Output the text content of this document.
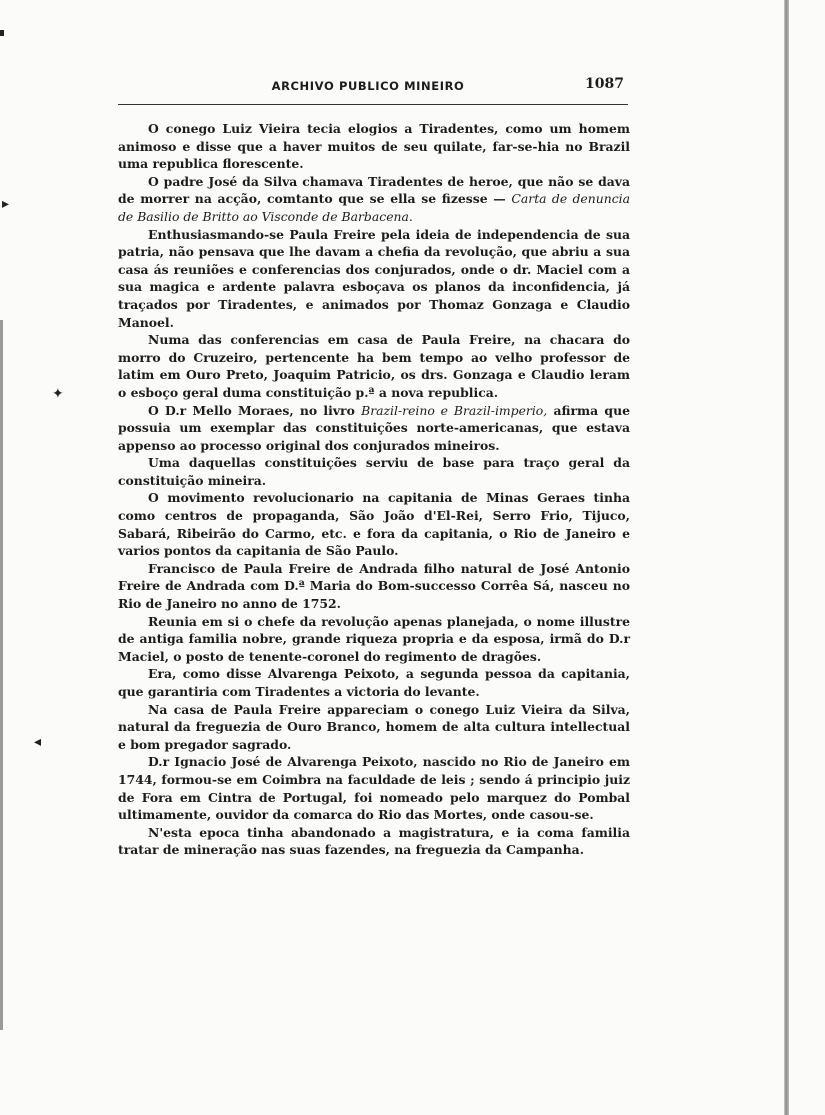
▸
✦
◂
ARCHIVO PUBLICO MINEIRO	1087

O conego Luiz Vieira tecia elogios a Tiradentes, como um homem animoso e disse que a haver muitos de seu quilate, far-se-hia no Brazil uma republica florescente.

O padre José da Silva chamava Tiradentes de heroe, que não se dava de morrer na acção, comtanto que se ella se fizesse — Carta de denuncia de Basilio de Britto ao Visconde de Barbacena.

Enthusiasmando-se Paula Freire pela ideia de independencia de sua patria, não pensava que lhe davam a chefia da revolução, que abriu a sua casa ás reuniões e conferencias dos conjurados, onde o dr. Maciel com a sua magica e ardente palavra esboçava os planos da inconfidencia, já traçados por Tiradentes, e animados por Thomaz Gonzaga e Claudio Manoel.

Numa das conferencias em casa de Paula Freire, na chacara do morro do Cruzeiro, pertencente ha bem tempo ao velho professor de latim em Ouro Preto, Joaquim Patricio, os drs. Gonzaga e Claudio leram o esboço geral duma constituição p.ª a nova republica.

O D.r Mello Moraes, no livro Brazil-reino e Brazil-imperio, afirma que possuia um exemplar das constituições norte-americanas, que estava appenso ao processo original dos conjurados mineiros.

Uma daquellas constituições serviu de base para traço geral da constituição mineira.

O movimento revolucionario na capitania de Minas Geraes tinha como centros de propaganda, São João d'El-Rei, Serro Frio, Tijuco, Sabará, Ribeirão do Carmo, etc. e fora da capitania, o Rio de Janeiro e varios pontos da capitania de São Paulo.

Francisco de Paula Freire de Andrada filho natural de José Antonio Freire de Andrada com D.ª Maria do Bom-successo Corrêa Sá, nasceu no Rio de Janeiro no anno de 1752.

Reunia em si o chefe da revolução apenas planejada, o nome illustre de antiga familia nobre, grande riqueza propria e da esposa, irmã do D.r Maciel, o posto de tenente-coronel do regimento de dragões.

Era, como disse Alvarenga Peixoto, a segunda pessoa da capitania, que garantiria com Tiradentes a victoria do levante.

Na casa de Paula Freire appareciam o conego Luiz Vieira da Silva, natural da freguezia de Ouro Branco, homem de alta cultura intellectual e bom pregador sagrado.

D.r Ignacio José de Alvarenga Peixoto, nascido no Rio de Janeiro em 1744, formou-se em Coimbra na faculdade de leis ; sendo á principio juiz de Fora em Cintra de Portugal, foi nomeado pelo marquez do Pombal ultimamente, ouvidor da comarca do Rio das Mortes, onde casou-se.

N'esta epoca tinha abandonado a magistratura, e ia coma familia tratar de mineração nas suas fazendes, na freguezia da Campanha.
